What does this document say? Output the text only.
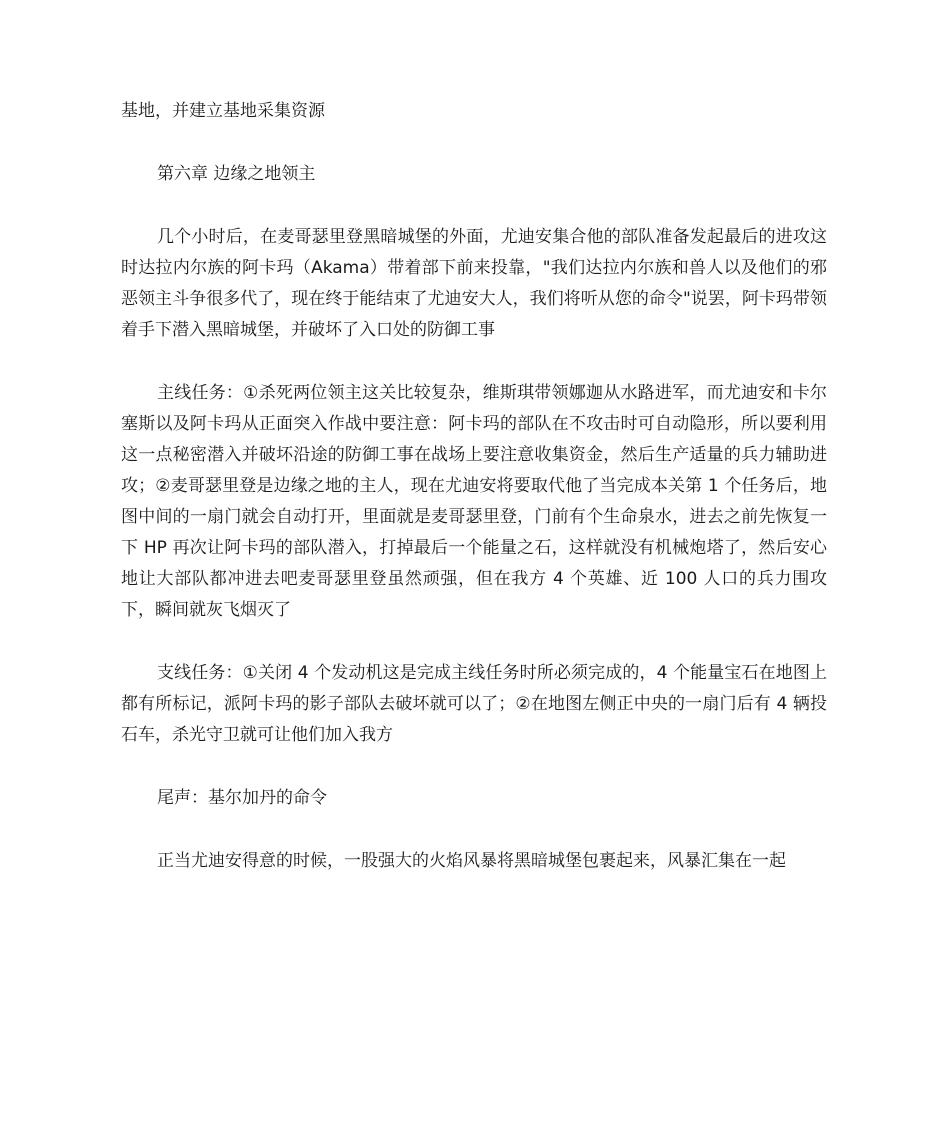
基地，并建立基地采集资源

第六章 边缘之地领主

几个小时后，在麦哥瑟里登黑暗城堡的外面，尤迪安集合他的部队准备发起最后的进攻这时达拉内尔族的阿卡玛（Akama）带着部下前来投靠，"我们达拉内尔族和兽人以及他们的邪恶领主斗争很多代了，现在终于能结束了尤迪安大人，我们将听从您的命令"说罢，阿卡玛带领着手下潜入黑暗城堡，并破坏了入口处的防御工事

主线任务：①杀死两位领主这关比较复杂，维斯琪带领娜迦从水路进军，而尤迪安和卡尔塞斯以及阿卡玛从正面突入作战中要注意：阿卡玛的部队在不攻击时可自动隐形，所以要利用这一点秘密潜入并破坏沿途的防御工事在战场上要注意收集资金，然后生产适量的兵力辅助进攻；②麦哥瑟里登是边缘之地的主人，现在尤迪安将要取代他了当完成本关第 1 个任务后，地图中间的一扇门就会自动打开，里面就是麦哥瑟里登，门前有个生命泉水，进去之前先恢复一下 HP 再次让阿卡玛的部队潜入，打掉最后一个能量之石，这样就没有机械炮塔了，然后安心地让大部队都冲进去吧麦哥瑟里登虽然顽强，但在我方 4 个英雄、近 100 人口的兵力围攻下，瞬间就灰飞烟灭了

支线任务：①关闭 4 个发动机这是完成主线任务时所必须完成的，4 个能量宝石在地图上都有所标记，派阿卡玛的影子部队去破坏就可以了；②在地图左侧正中央的一扇门后有 4 辆投石车，杀光守卫就可让他们加入我方

尾声：基尔加丹的命令

正当尤迪安得意的时候，一股强大的火焰风暴将黑暗城堡包裹起来，风暴汇集在一起
